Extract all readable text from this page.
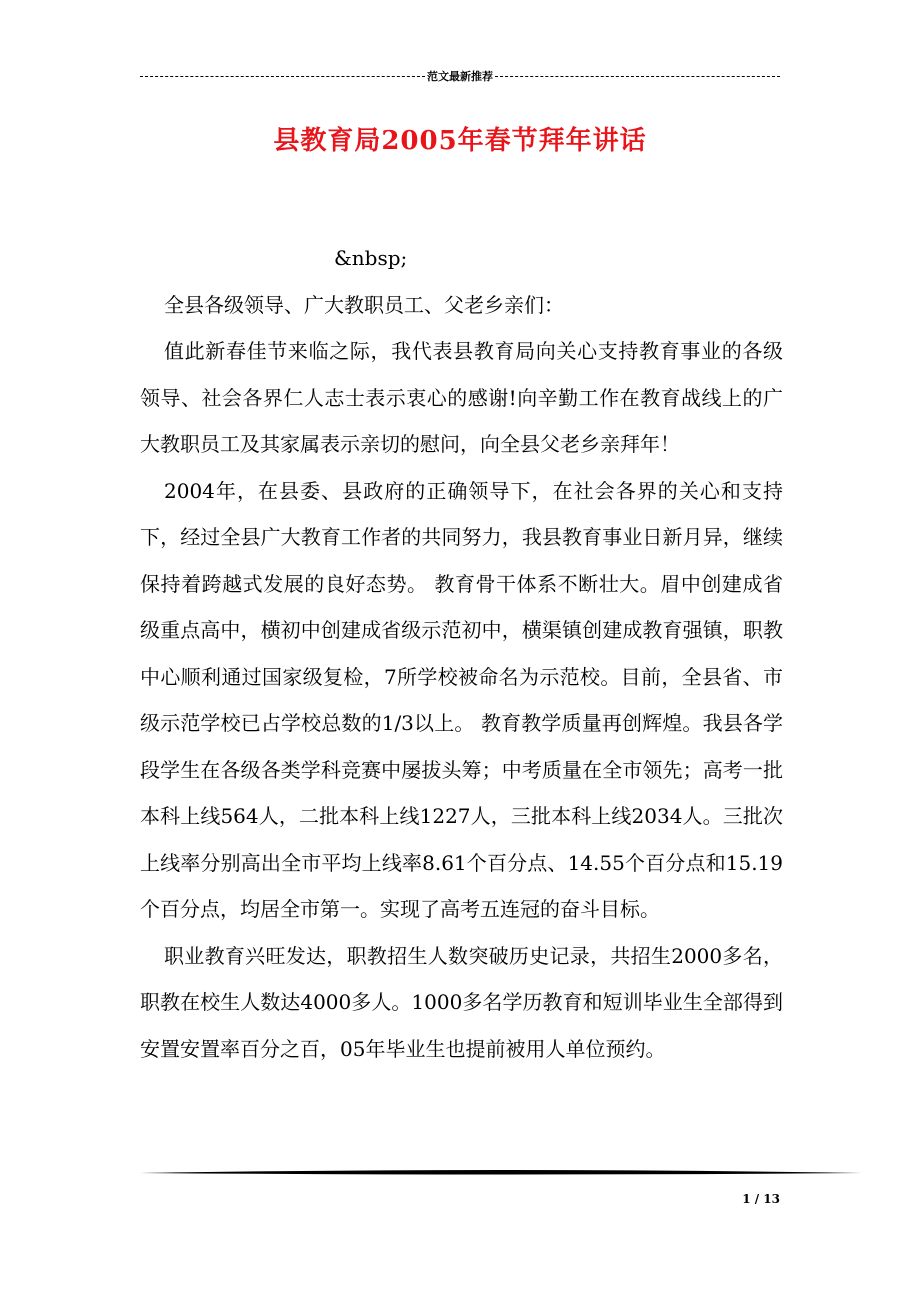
范文最新推荐
县教育局2005年春节拜年讲话

&nbsp;

全县各级领导、广大教职员工、父老乡亲们：

值此新春佳节来临之际，我代表县教育局向关心支持教育事业的各级领导、社会各界仁人志士表示衷心的感谢!向辛勤工作在教育战线上的广大教职员工及其家属表示亲切的慰问，向全县父老乡亲拜年！

2004年，在县委、县政府的正确领导下，在社会各界的关心和支持下，经过全县广大教育工作者的共同努力，我县教育事业日新月异，继续保持着跨越式发展的良好态势。 教育骨干体系不断壮大。眉中创建成省级重点高中，横初中创建成省级示范初中，横渠镇创建成教育强镇，职教中心顺利通过国家级复检，7所学校被命名为示范校。目前，全县省、市级示范学校已占学校总数的1/3以上。 教育教学质量再创辉煌。我县各学段学生在各级各类学科竞赛中屡拔头筹；中考质量在全市领先；高考一批本科上线564人，二批本科上线1227人，三批本科上线2034人。三批次上线率分别高出全市平均上线率8.61个百分点、14.55个百分点和15.19个百分点，均居全市第一。实现了高考五连冠的奋斗目标。

职业教育兴旺发达，职教招生人数突破历史记录，共招生2000多名，职教在校生人数达4000多人。1000多名学历教育和短训毕业生全部得到安置安置率百分之百，05年毕业生也提前被用人单位预约。

1 / 13
